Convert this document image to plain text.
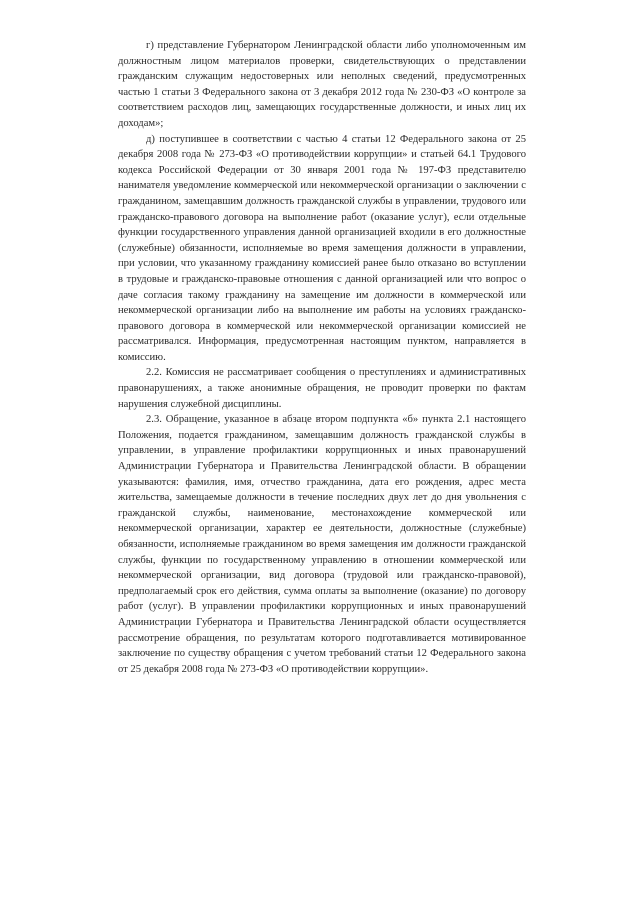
г) представление Губернатором Ленинградской области либо уполномоченным им должностным лицом материалов проверки, свидетельствующих о представлении гражданским служащим недостоверных или неполных сведений, предусмотренных частью 1 статьи 3 Федерального закона от 3 декабря 2012 года № 230-ФЗ «О контроле за соответствием расходов лиц, замещающих государственные должности, и иных лиц их доходам»;

д) поступившее в соответствии с частью 4 статьи 12 Федерального закона от 25 декабря 2008 года № 273-ФЗ «О противодействии коррупции» и статьей 64.1 Трудового кодекса Российской Федерации от 30 января 2001 года № 197-ФЗ представителю нанимателя уведомление коммерческой или некоммерческой организации о заключении с гражданином, замещавшим должность гражданской службы в управлении, трудового или гражданско-правового договора на выполнение работ (оказание услуг), если отдельные функции государственного управления данной организацией входили в его должностные (служебные) обязанности, исполняемые во время замещения должности в управлении, при условии, что указанному гражданину комиссией ранее было отказано во вступлении в трудовые и гражданско-правовые отношения с данной организацией или что вопрос о даче согласия такому гражданину на замещение им должности в коммерческой или некоммерческой организации либо на выполнение им работы на условиях гражданско-правового договора в коммерческой или некоммерческой организации комиссией не рассматривался. Информация, предусмотренная настоящим пунктом, направляется в комиссию.

2.2. Комиссия не рассматривает сообщения о преступлениях и административных правонарушениях, а также анонимные обращения, не проводит проверки по фактам нарушения служебной дисциплины.

2.3. Обращение, указанное в абзаце втором подпункта «б» пункта 2.1 настоящего Положения, подается гражданином, замещавшим должность гражданской службы в управлении, в управление профилактики коррупционных и иных правонарушений Администрации Губернатора и Правительства Ленинградской области. В обращении указываются: фамилия, имя, отчество гражданина, дата его рождения, адрес места жительства, замещаемые должности в течение последних двух лет до дня увольнения с гражданской службы, наименование, местонахождение коммерческой или некоммерческой организации, характер ее деятельности, должностные (служебные) обязанности, исполняемые гражданином во время замещения им должности гражданской службы, функции по государственному управлению в отношении коммерческой или некоммерческой организации, вид договора (трудовой или гражданско-правовой), предполагаемый срок его действия, сумма оплаты за выполнение (оказание) по договору работ (услуг). В управлении профилактики коррупционных и иных правонарушений Администрации Губернатора и Правительства Ленинградской области осуществляется рассмотрение обращения, по результатам которого подготавливается мотивированное заключение по существу обращения с учетом требований статьи 12 Федерального закона от 25 декабря 2008 года № 273-ФЗ «О противодействии коррупции».
